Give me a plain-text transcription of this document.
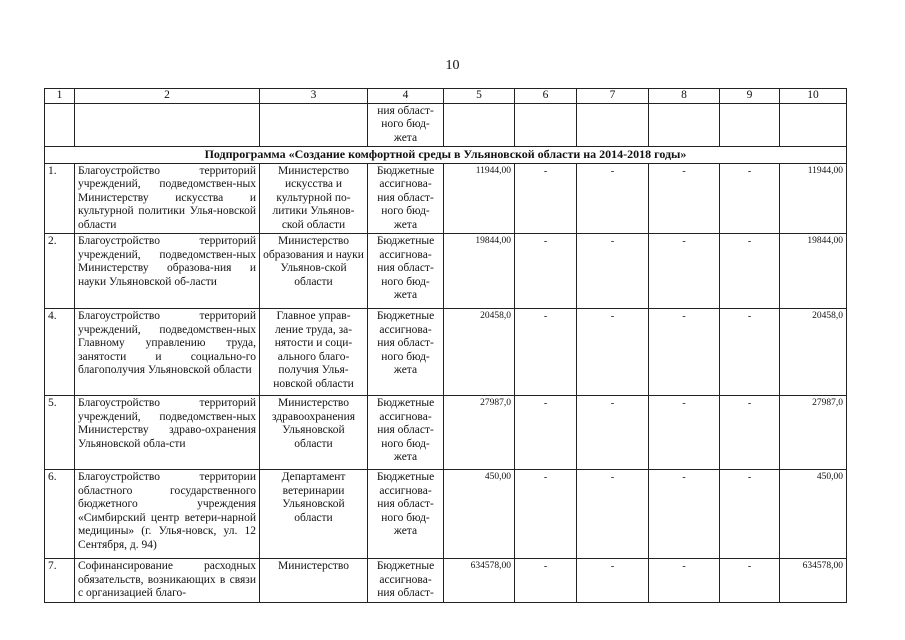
10
1	2	3	4	5	6	7	8	9	10
			ния област-ного бюд-жета						
Подпрограмма «Создание комфортной среды в Ульяновской области на 2014-2018 годы»									
1.	Благоустройство территорий учреждений, подведомствен-ных Министерству искусства и культурной политики Улья-новской области	Министерство искусства и культурной по-литики Ульянов-ской области	Бюджетные ассигнова-ния област-ного бюд-жета	11944,00	-	-	-	-	11944,00
2.	Благоустройство территорий учреждений, подведомствен-ных Министерству образова-ния и науки Ульяновской об-ласти	Министерство образования и науки Ульянов-ской области	Бюджетные ассигнова-ния област-ного бюд-жета	19844,00	-	-	-	-	19844,00
4.	Благоустройство территорий учреждений, подведомствен-ных Главному управлению труда, занятости и социально-го благополучия Ульяновской области	Главное управ-ление труда, за-нятости и соци-ального благо-получия Улья-новской области	Бюджетные ассигнова-ния област-ного бюд-жета	20458,0	-	-	-	-	20458,0
5.	Благоустройство территорий учреждений, подведомствен-ных Министерству здраво-охранения Ульяновской обла-сти	Министерство здравоохранения Ульяновской области	Бюджетные ассигнова-ния област-ного бюд-жета	27987,0	-	-	-	-	27987,0
6.	Благоустройство территории областного государственного бюджетного учреждения «Симбирский центр ветери-нарной медицины» (г. Улья-новск, ул. 12 Сентября, д. 94)	Департамент ветеринарии Ульяновской области	Бюджетные ассигнова-ния област-ного бюд-жета	450,00	-	-	-	-	450,00
7.	Софинансирование расходных обязательств, возникающих в связи с организацией благо-	Министерство	Бюджетные ассигнова-ния област-	634578,00	-	-	-	-	634578,00
